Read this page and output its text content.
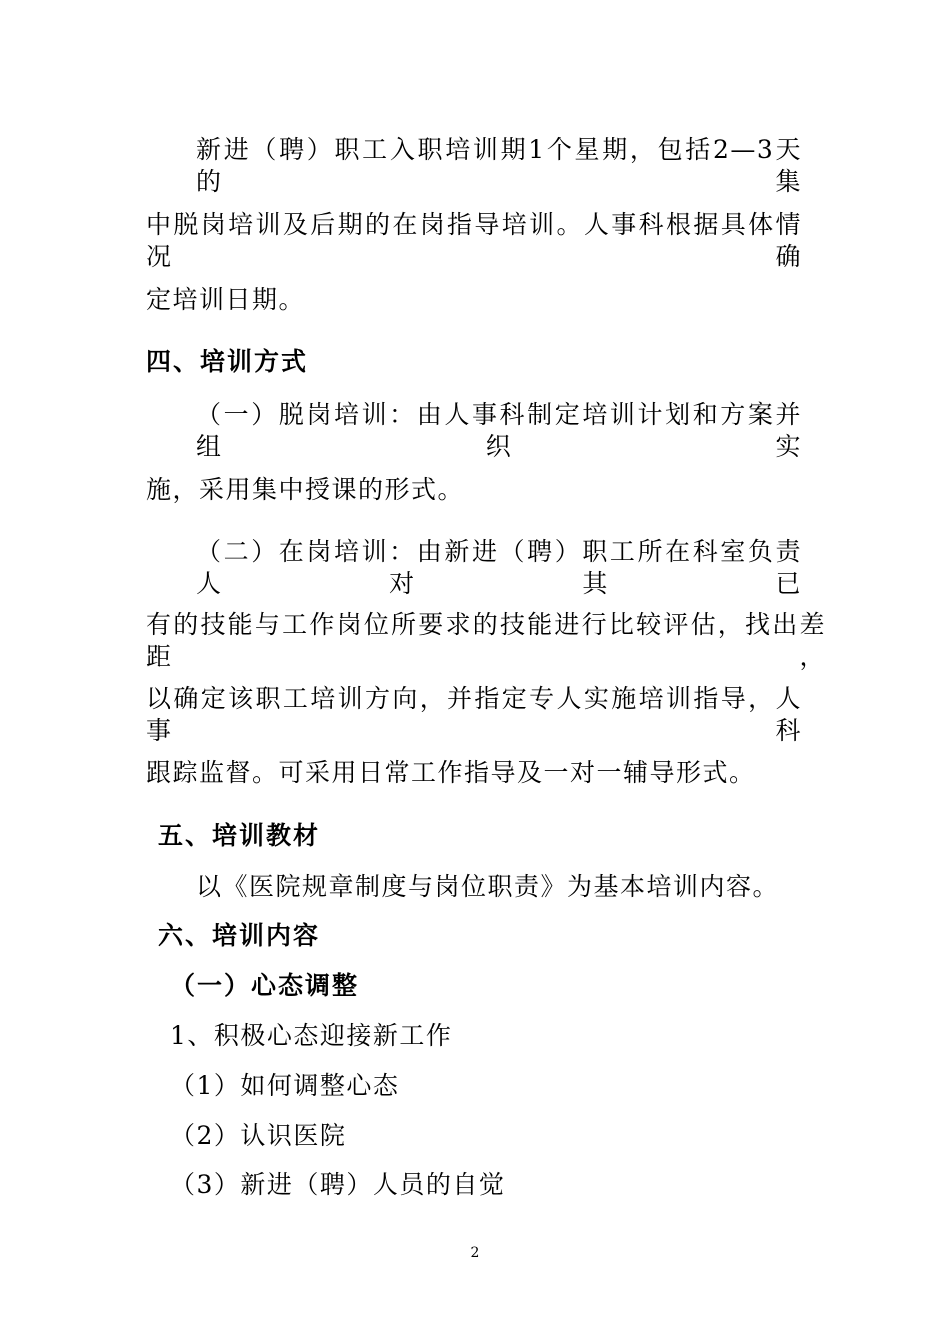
新进（聘）职工入职培训期1个星期，包括2—3天的集
中脱岗培训及后期的在岗指导培训。人事科根据具体情况确
定培训日期。
四、培训方式
（一）脱岗培训：由人事科制定培训计划和方案并组织实
施，采用集中授课的形式。
（二）在岗培训：由新进（聘）职工所在科室负责人对其已
有的技能与工作岗位所要求的技能进行比较评估，找出差距，
以确定该职工培训方向，并指定专人实施培训指导，人事科
跟踪监督。可采用日常工作指导及一对一辅导形式。
五、培训教材
以《医院规章制度与岗位职责》为基本培训内容。
六、培训内容
（一）心态调整
1、积极心态迎接新工作
（1）如何调整心态
（2）认识医院
（3）新进（聘）人员的自觉
2
